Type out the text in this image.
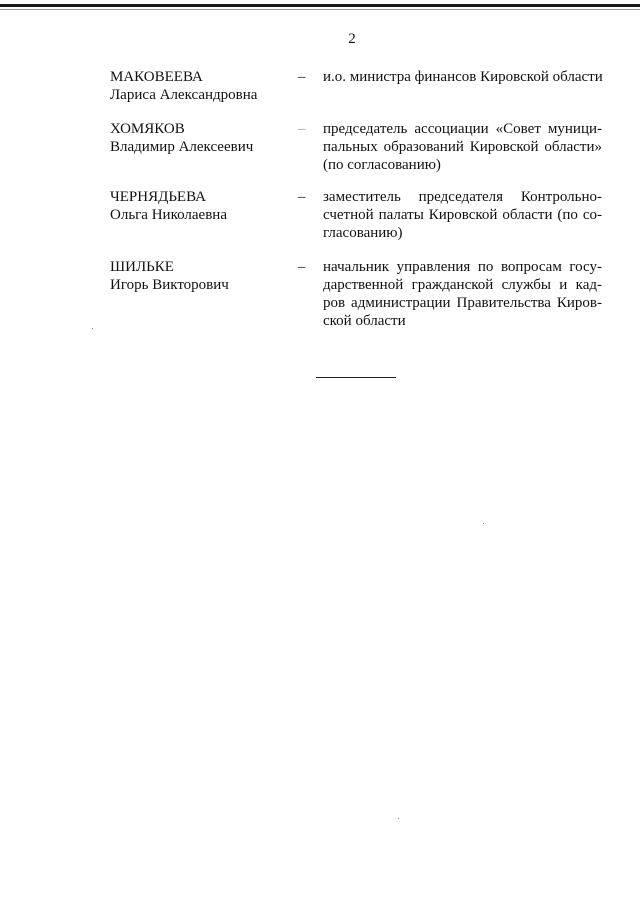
2
МАКОВЕЕВА
Лариса Александровна
– и.о. министра финансов Кировской области
ХОМЯКОВ
Владимир Алексеевич
– председатель ассоциации «Совет муници-
пальных образований Кировской области»
(по согласованию)
ЧЕРНЯДЬЕВА
Ольга Николаевна
– заместитель председателя Контрольно-
счетной палаты Кировской области (по со-
гласованию)
ШИЛЬКЕ
Игорь Викторович
– начальник управления по вопросам госу-
дарственной гражданской службы и кад-
ров администрации Правительства Киров-
ской области
